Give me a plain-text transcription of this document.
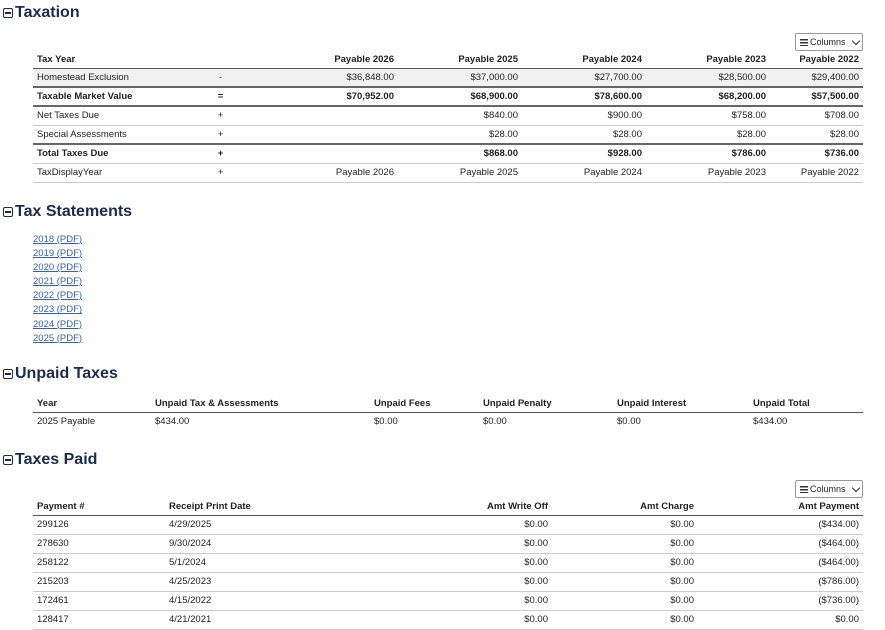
Taxation
Columns
Tax Year		Payable 2026	Payable 2025	Payable 2024	Payable 2023	Payable 2022
Homestead Exclusion	-	$36,848.00	$37,000.00	$27,700.00	$28,500.00	$29,400.00
Taxable Market Value	=	$70,952.00	$68,900.00	$78,600.00	$68,200.00	$57,500.00
Net Taxes Due	+		$840.00	$900.00	$758.00	$708.00
Special Assessments	+		$28.00	$28.00	$28.00	$28.00
Total Taxes Due	+		$868.00	$928.00	$786.00	$736.00
TaxDisplayYear	+	Payable 2026	Payable 2025	Payable 2024	Payable 2023	Payable 2022
Tax Statements
2018 (PDF)
2019 (PDF)
2020 (PDF)
2021 (PDF)
2022 (PDF)
2023 (PDF)
2024 (PDF)
2025 (PDF)
Unpaid Taxes
Year	Unpaid Tax & Assessments	Unpaid Fees	Unpaid Penalty	Unpaid Interest	Unpaid Total
2025 Payable	$434.00	$0.00	$0.00	$0.00	$434.00
Taxes Paid
Columns
Payment #	Receipt Print Date	Amt Write Off	Amt Charge	Amt Payment
299126	4/29/2025	$0.00	$0.00	($434.00)
278630	9/30/2024	$0.00	$0.00	($464.00)
258122	5/1/2024	$0.00	$0.00	($464.00)
215203	4/25/2023	$0.00	$0.00	($786.00)
172461	4/15/2022	$0.00	$0.00	($736.00)
128417	4/21/2021	$0.00	$0.00	$0.00
